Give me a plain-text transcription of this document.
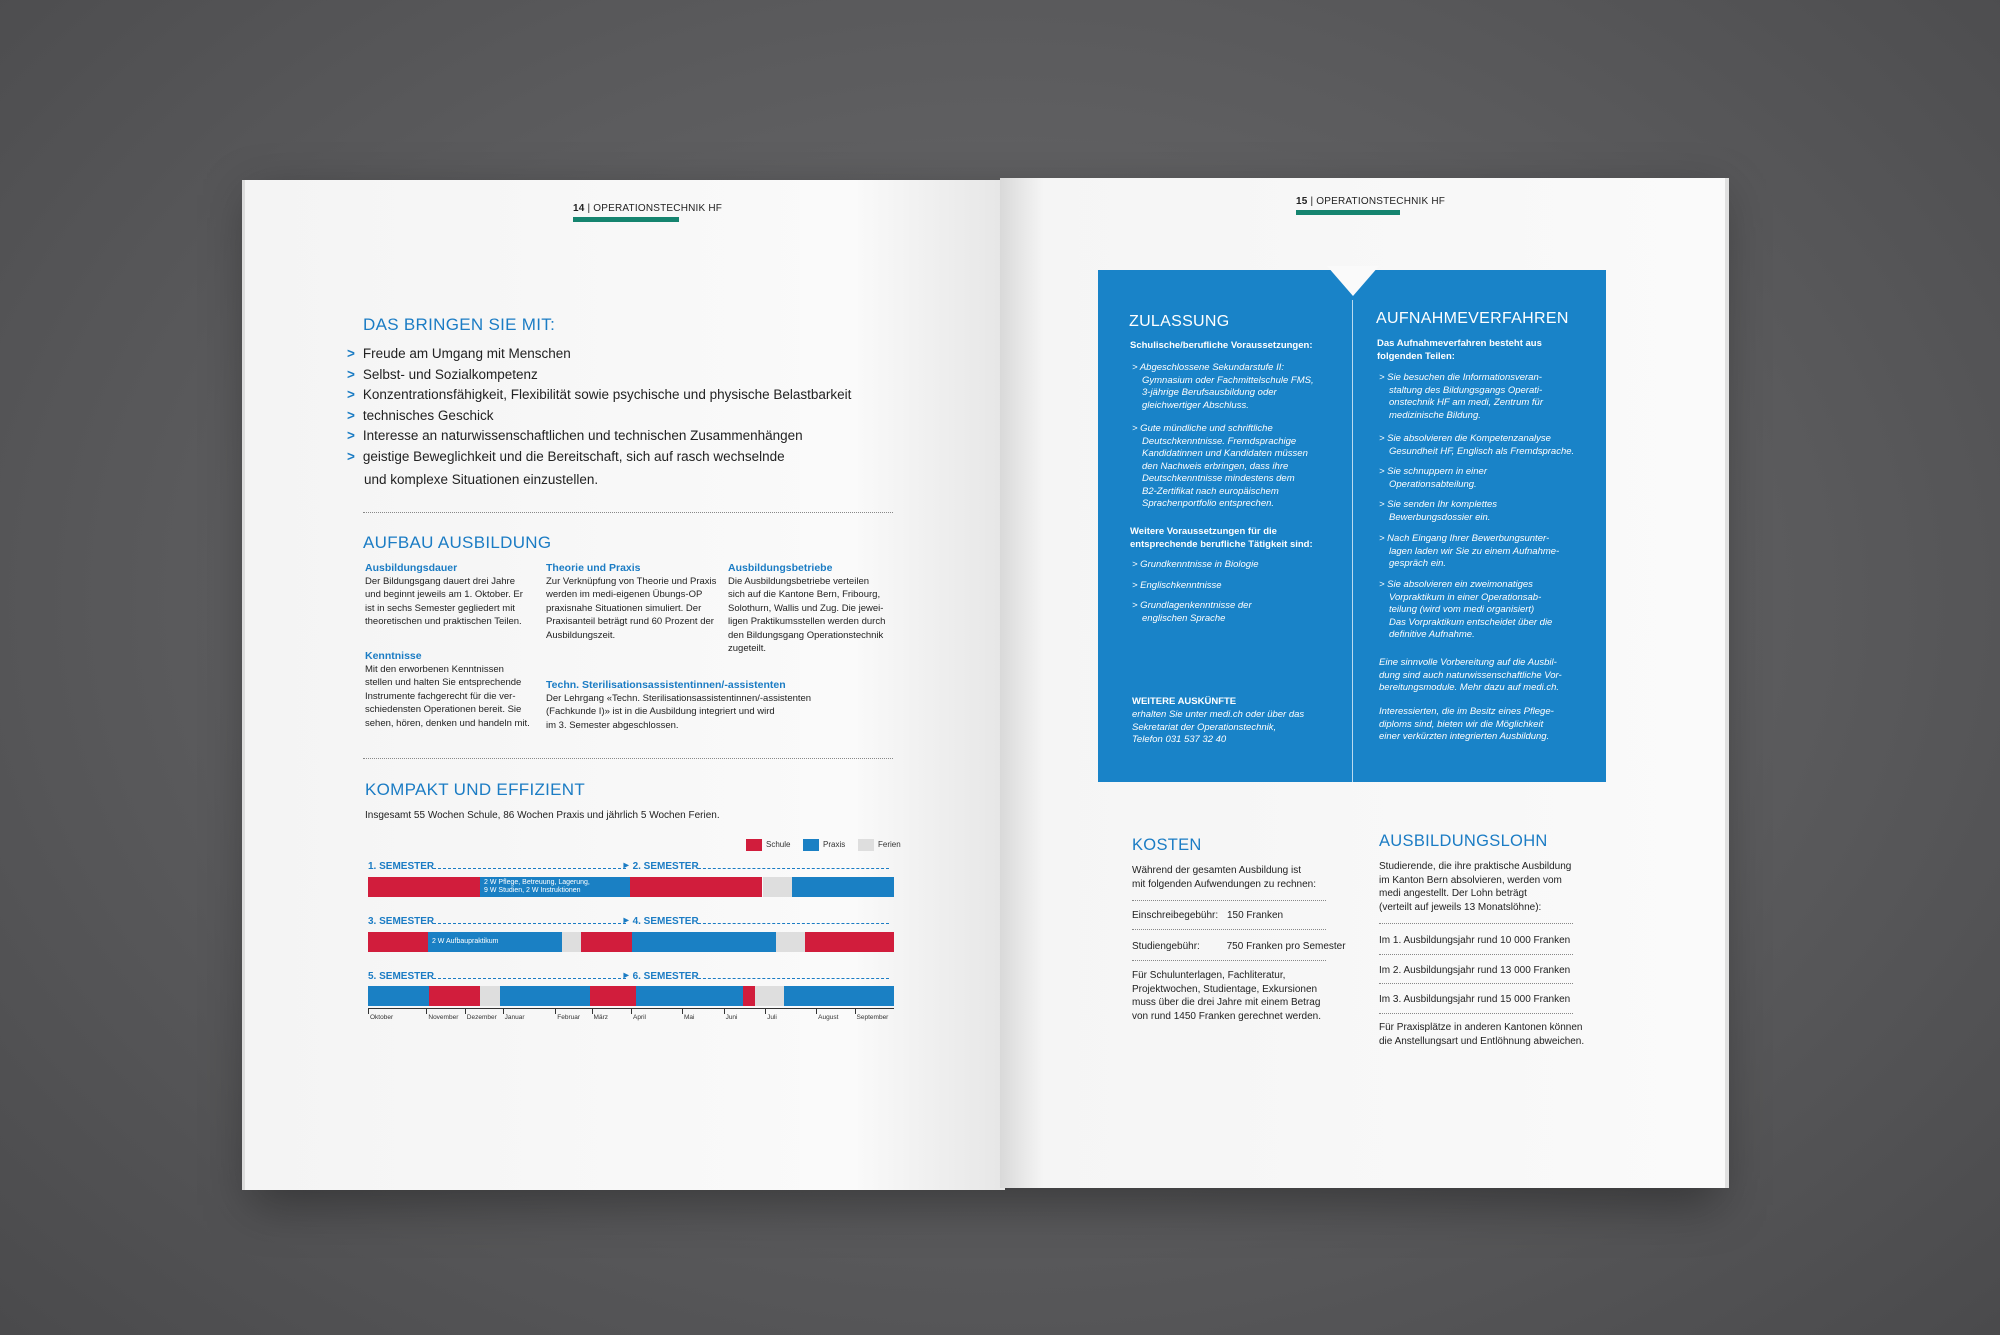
14 | OPERATIONSTECHNIK HF
DAS BRINGEN SIE MIT:
> Freude am Umgang mit Menschen
> Selbst- und Sozialkompetenz
> Konzentrationsfähigkeit, Flexibilität sowie psychische und physische Belastbarkeit
> technisches Geschick
> Interesse an naturwissenschaftlichen und technischen Zusammenhängen
> geistige Beweglichkeit und die Bereitschaft, sich auf rasch wechselnde
und komplexe Situationen einzustellen.
AUFBAU AUSBILDUNG
Ausbildungsdauer
Der Bildungsgang dauert drei Jahre
und beginnt jeweils am 1. Oktober. Er
ist in sechs Semester gegliedert mit
theoretischen und praktischen Teilen.
Kenntnisse
Mit den erworbenen Kenntnissen
stellen und halten Sie entsprechende
Instrumente fachgerecht für die ver-
schiedensten Operationen bereit. Sie
sehen, hören, denken und handeln mit.
Theorie und Praxis
Zur Verknüpfung von Theorie und Praxis
werden im medi-eigenen Übungs-OP
praxisnahe Situationen simuliert. Der
Praxisanteil beträgt rund 60 Prozent der
Ausbildungszeit.
Ausbildungsbetriebe
Die Ausbildungsbetriebe verteilen
sich auf die Kantone Bern, Fribourg,
Solothurn, Wallis und Zug. Die jewei-
ligen Praktikumsstellen werden durch
den Bildungsgang Operationstechnik
zugeteilt.
Techn. Sterilisationsassistentinnen/-assistenten
Der Lehrgang «Techn. Sterilisationsassistentinnen/-assistenten
(Fachkunde I)» ist in die Ausbildung integriert und wird
im 3. Semester abgeschlossen.
KOMPAKT UND EFFIZIENT
Insgesamt 55 Wochen Schule, 86 Wochen Praxis und jährlich 5 Wochen Ferien.
15 | OPERATIONSTECHNIK HF
ZULASSUNG
Schulische/berufliche Voraussetzungen:
> Abgeschlossene Sekundarstufe II:
Gymnasium oder Fachmittelschule FMS,
3-jährige Berufsausbildung oder
gleichwertiger Abschluss.
> Gute mündliche und schriftliche
Deutschkenntnisse. Fremdsprachige
Kandidatinnen und Kandidaten müssen
den Nachweis erbringen, dass ihre
Deutschkenntnisse mindestens dem
B2-Zertifikat nach europäischem
Sprachenportfolio entsprechen.
Weitere Voraussetzungen für die
entsprechende berufliche Tätigkeit sind:
> Grundkenntnisse in Biologie
> Englischkenntnisse
> Grundlagenkenntnisse der
englischen Sprache
WEITERE AUSKÜNFTE
erhalten Sie unter medi.ch oder über das
Sekretariat der Operationstechnik,
Telefon 031 537 32 40
AUFNAHMEVERFAHREN
Das Aufnahmeverfahren besteht aus
folgenden Teilen:
> Sie besuchen die Informationsveran-
staltung des Bildungsgangs Operati-
onstechnik HF am medi, Zentrum für
medizinische Bildung.
> Sie absolvieren die Kompetenzanalyse
Gesundheit HF, Englisch als Fremdsprache.
> Sie schnuppern in einer
Operationsabteilung.
> Sie senden Ihr komplettes
Bewerbungsdossier ein.
> Nach Eingang Ihrer Bewerbungsunter-
lagen laden wir Sie zu einem Aufnahme-
gespräch ein.
> Sie absolvieren ein zweimonatiges
Vorpraktikum in einer Operationsab-
teilung (wird vom medi organisiert)
Das Vorpraktikum entscheidet über die
definitive Aufnahme.
Eine sinnvolle Vorbereitung auf die Ausbil-
dung sind auch naturwissenschaftliche Vor-
bereitungsmodule. Mehr dazu auf medi.ch.
Interessierten, die im Besitz eines Pflege-
diploms sind, bieten wir die Möglichkeit
einer verkürzten integrierten Ausbildung.
KOSTEN
Während der gesamten Ausbildung ist
mit folgenden Aufwendungen zu rechnen:
Einschreibegebühr: 150 Franken
Studiengebühr:	750 Franken pro Semester
Für Schulunterlagen, Fachliteratur,
Projektwochen, Studientage, Exkursionen
muss über die drei Jahre mit einem Betrag
von rund 1450 Franken gerechnet werden.
AUSBILDUNGSLOHN
Studierende, die ihre praktische Ausbildung
im Kanton Bern absolvieren, werden vom
medi angestellt. Der Lohn beträgt
(verteilt auf jeweils 13 Monatslöhne):
Im 1. Ausbildungsjahr rund 10 000 Franken
Im 2. Ausbildungsjahr rund 13 000 Franken
Im 3. Ausbildungsjahr rund 15 000 Franken
Für Praxisplätze in anderen Kantonen können
die Anstellungsart und Entlöhnung abweichen.
Schule	Praxis	Ferien
1. SEMESTER	▸ 2. SEMESTER
3. SEMESTER	▸ 4. SEMESTER
5. SEMESTER	▸ 6. SEMESTER
2 W Pflege, Betreuung, Lagerung,
9 W Studien, 2 W Instruktionen
2 W Aufbaupraktikum
Oktober	November Dezember Januar	Februar März	April	Mai	Juni	Juli	August	September
